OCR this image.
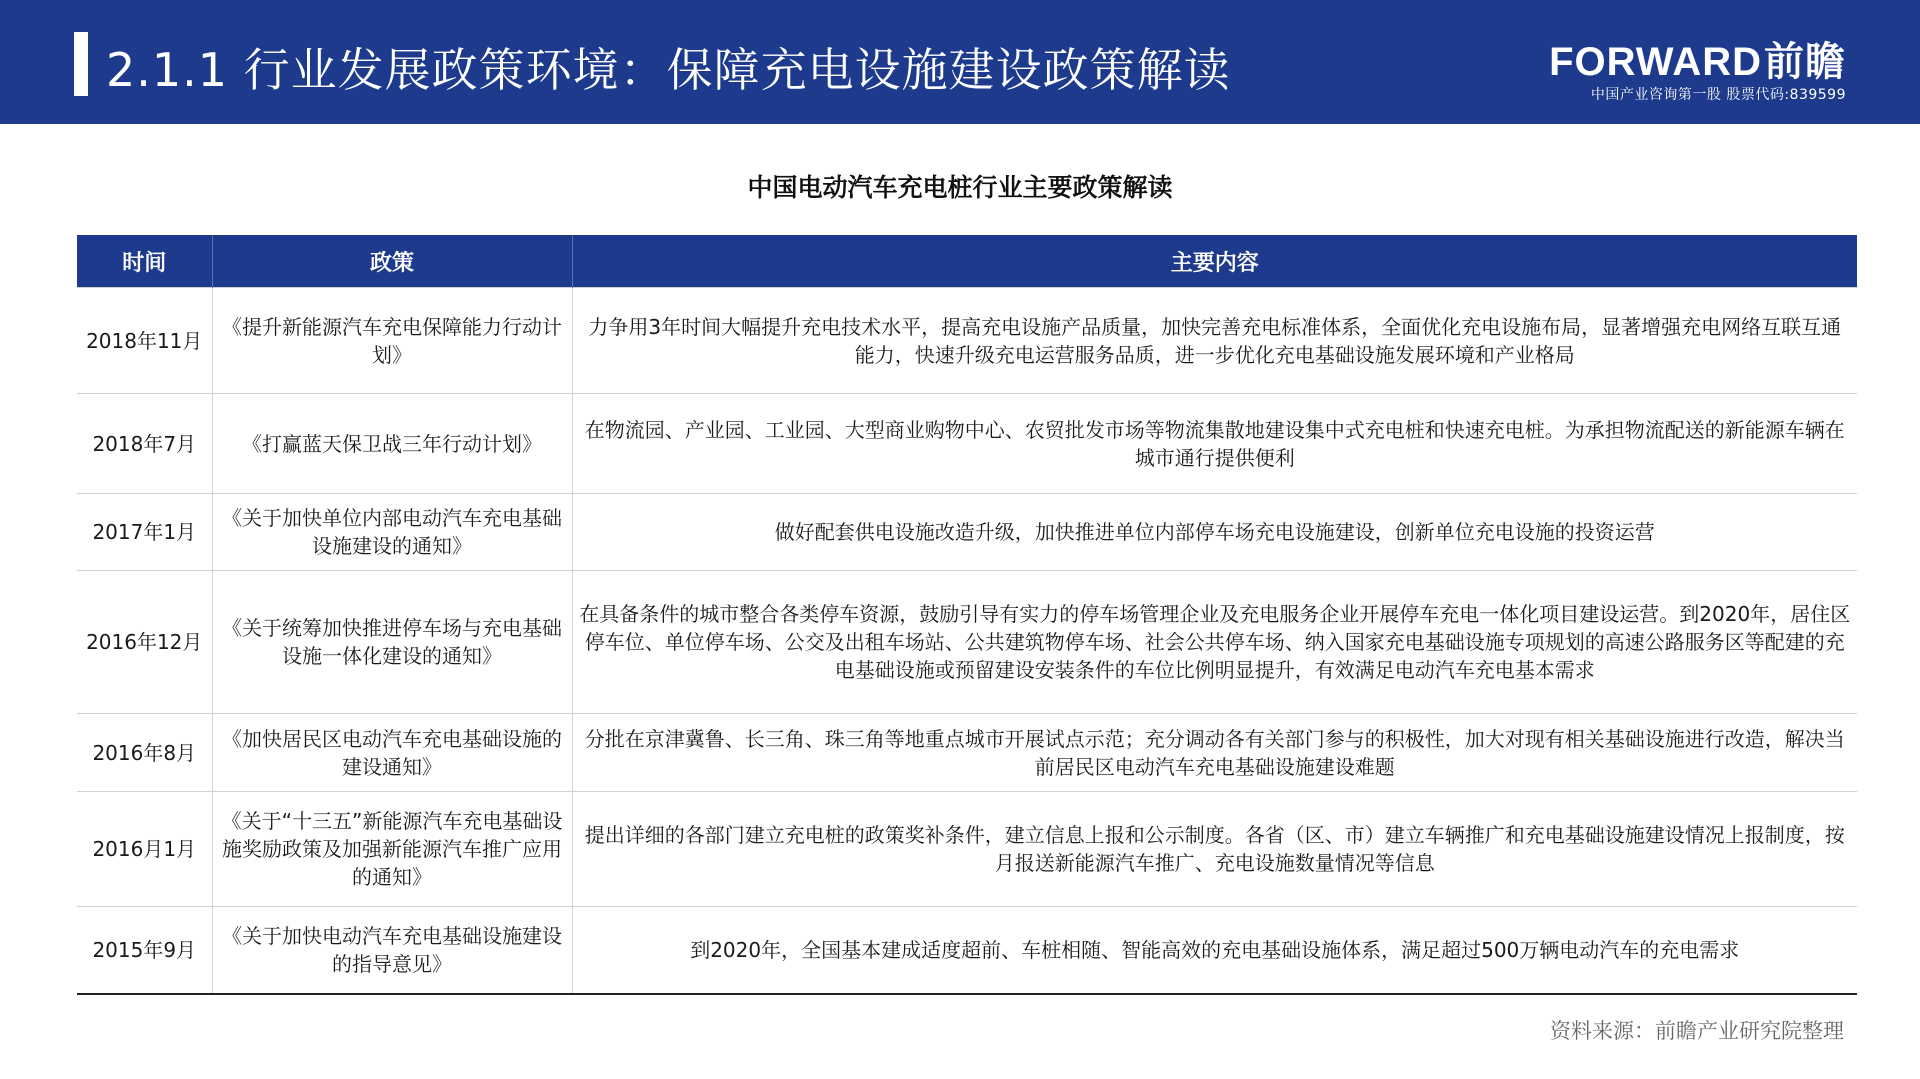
2.1.1 行业发展政策环境：保障充电设施建设政策解读	FORWARD前瞻
中国产业咨询第一股 股票代码:839599
中国电动汽车充电桩行业主要政策解读
时间	政策	主要内容
2018年11月	《提升新能源汽车充电保障能力行动计划》	力争用3年时间大幅提升充电技术水平，提高充电设施产品质量，加快完善充电标准体系，全面优化充电设施布局，显著增强充电网络互联互通能力，快速升级充电运营服务品质，进一步优化充电基础设施发展环境和产业格局
2018年7月	《打赢蓝天保卫战三年行动计划》	在物流园、产业园、工业园、大型商业购物中心、农贸批发市场等物流集散地建设集中式充电桩和快速充电桩。为承担物流配送的新能源车辆在城市通行提供便利
2017年1月	《关于加快单位内部电动汽车充电基础设施建设的通知》	做好配套供电设施改造升级，加快推进单位内部停车场充电设施建设，创新单位充电设施的投资运营
2016年12月	《关于统筹加快推进停车场与充电基础设施一体化建设的通知》	在具备条件的城市整合各类停车资源，鼓励引导有实力的停车场管理企业及充电服务企业开展停车充电一体化项目建设运营。到2020年，居住区停车位、单位停车场、公交及出租车场站、公共建筑物停车场、社会公共停车场、纳入国家充电基础设施专项规划的高速公路服务区等配建的充电基础设施或预留建设安装条件的车位比例明显提升，有效满足电动汽车充电基本需求
2016年8月	《加快居民区电动汽车充电基础设施的建设通知》	分批在京津冀鲁、长三角、珠三角等地重点城市开展试点示范；充分调动各有关部门参与的积极性，加大对现有相关基础设施进行改造，解决当前居民区电动汽车充电基础设施建设难题
2016月1月	《关于“十三五”新能源汽车充电基础设施奖励政策及加强新能源汽车推广应用的通知》	提出详细的各部门建立充电桩的政策奖补条件，建立信息上报和公示制度。各省（区、市）建立车辆推广和充电基础设施建设情况上报制度，按月报送新能源汽车推广、充电设施数量情况等信息
2015年9月	《关于加快电动汽车充电基础设施建设的指导意见》	到2020年，全国基本建成适度超前、车桩相随、智能高效的充电基础设施体系，满足超过500万辆电动汽车的充电需求
资料来源：前瞻产业研究院整理
